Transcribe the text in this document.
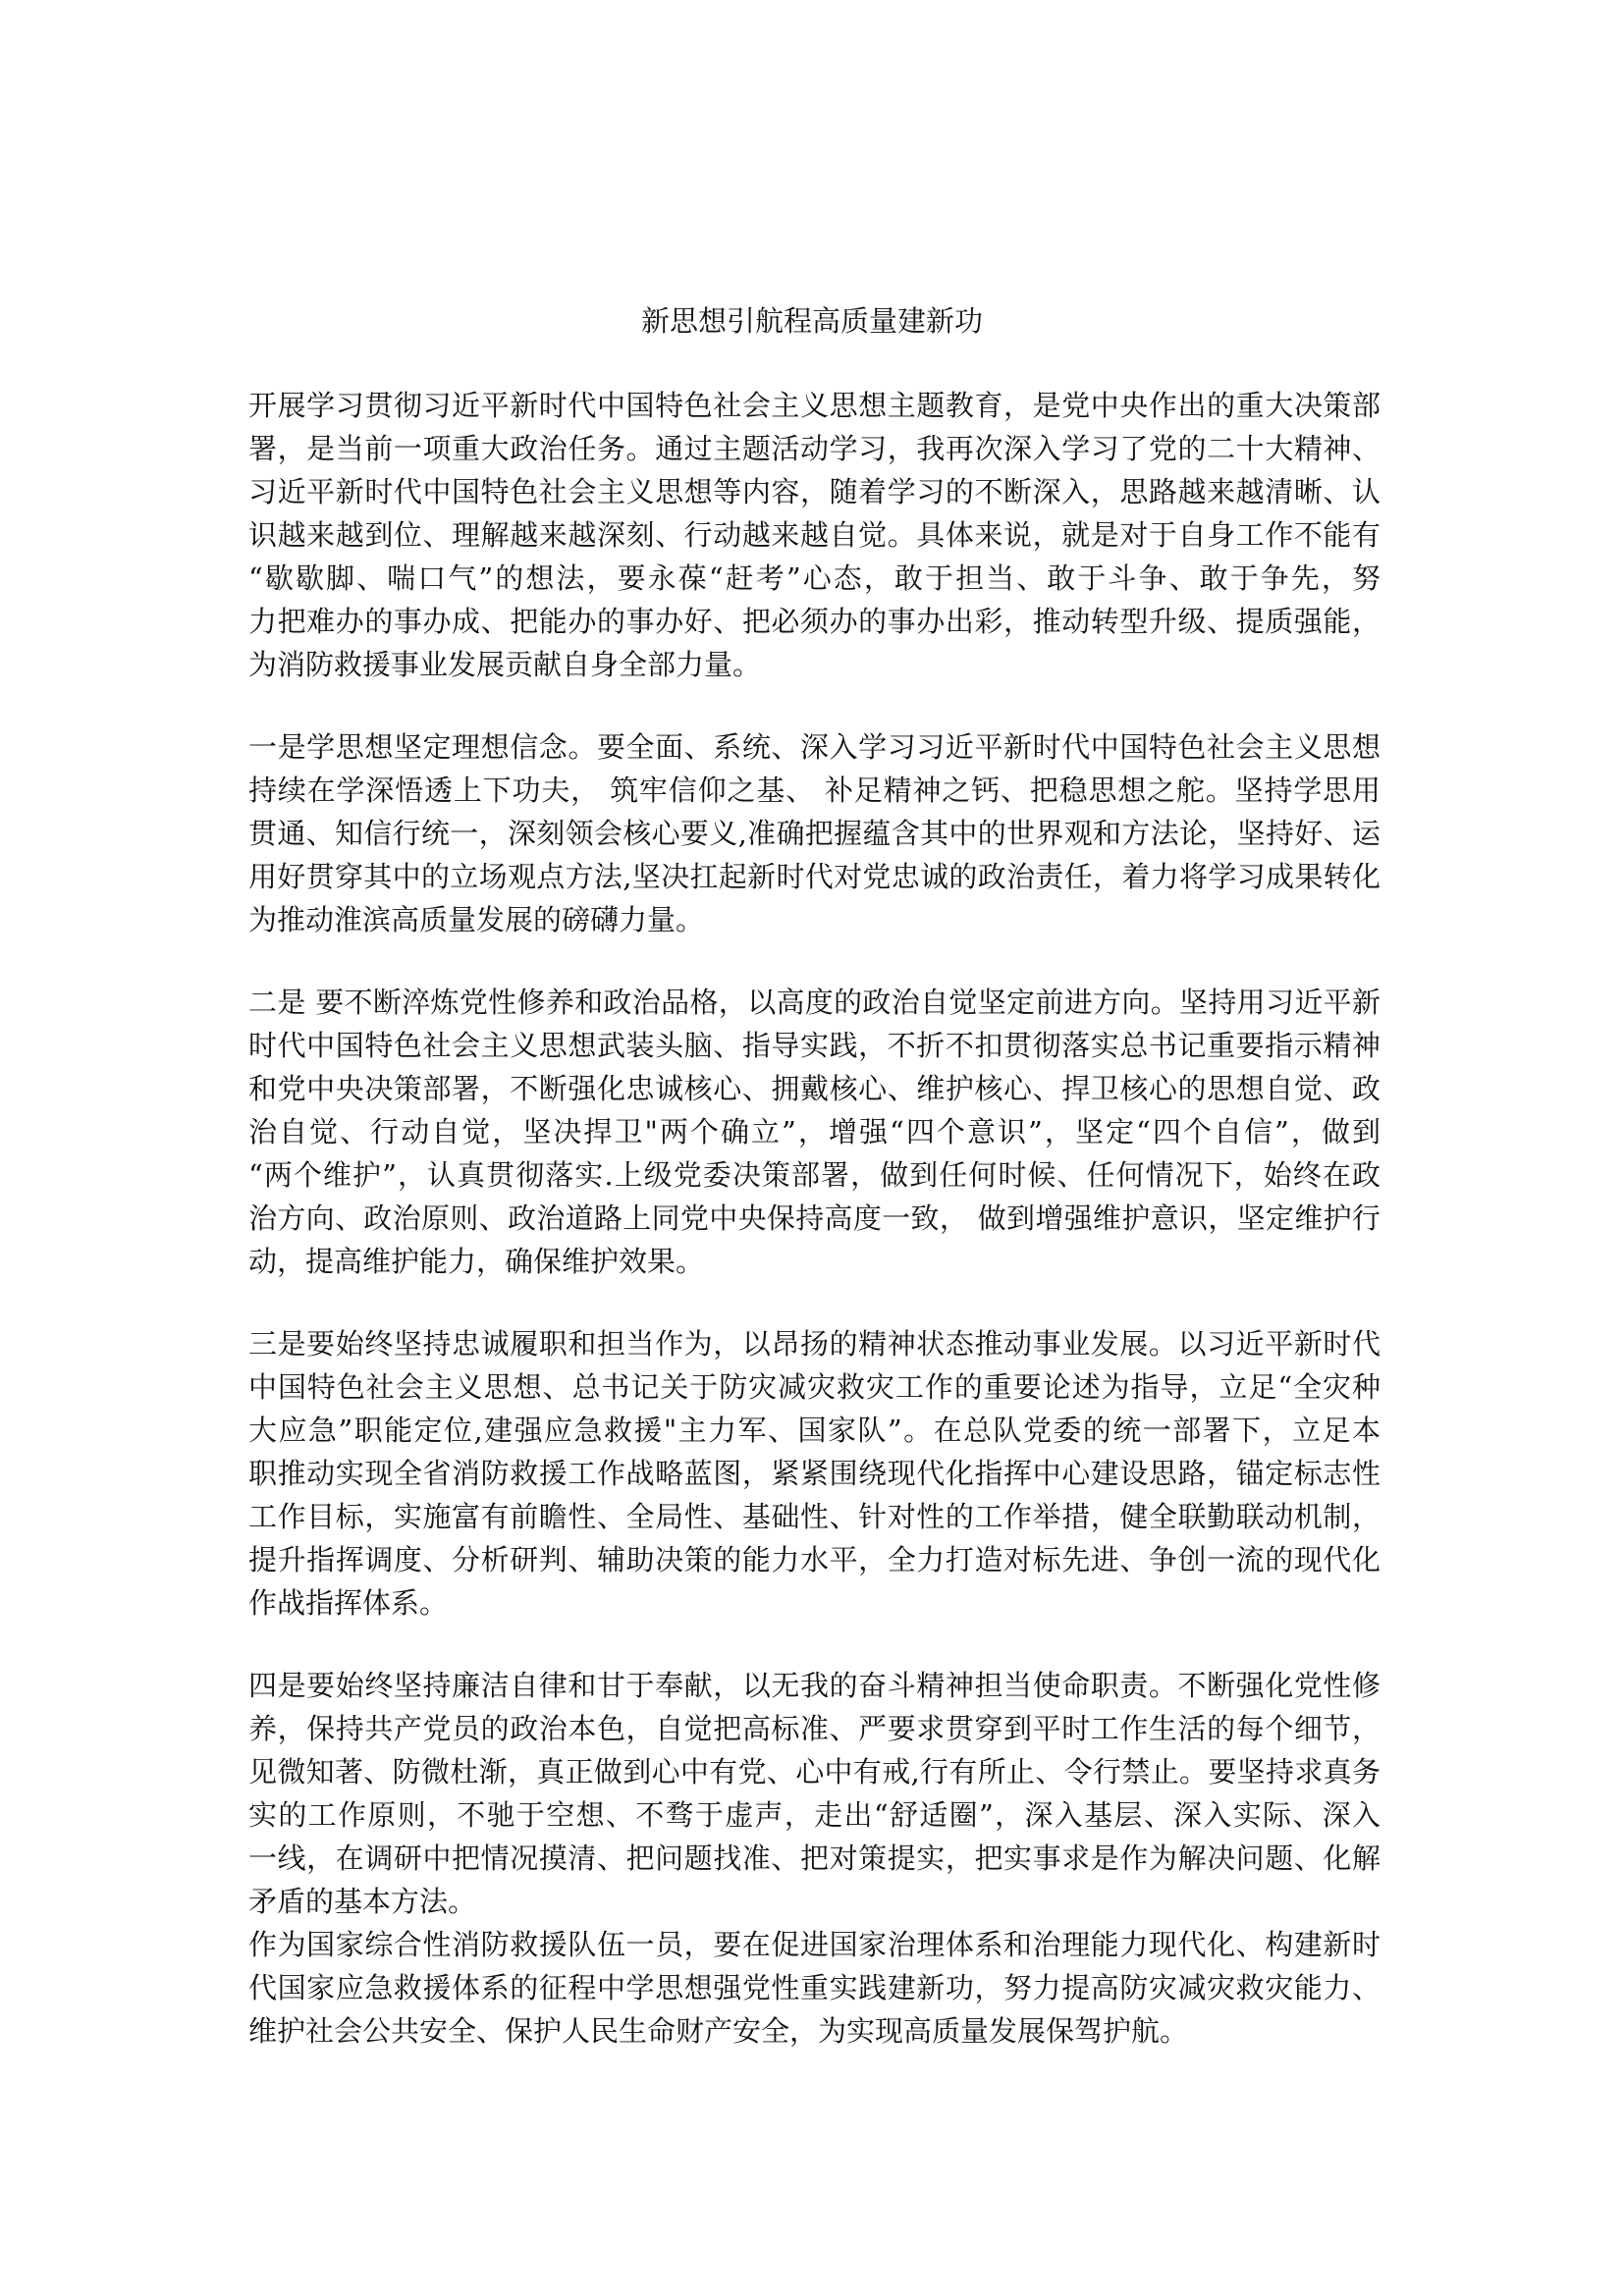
新思想引航程高质量建新功
开展学习贯彻习近平新时代中国特色社会主义思想主题教育，是党中央作出的重大决策部
署，是当前一项重大政治任务。通过主题活动学习，我再次深入学习了党的二十大精神、
习近平新时代中国特色社会主义思想等内容，随着学习的不断深入，思路越来越清晰、认
识越来越到位、理解越来越深刻、行动越来越自觉。具体来说，就是对于自身工作不能有
“歇歇脚、喘口气”的想法，要永葆“赶考”心态，敢于担当、敢于斗争、敢于争先，努
力把难办的事办成、把能办的事办好、把必须办的事办出彩，推动转型升级、提质强能，
为消防救援事业发展贡献自身全部力量。
一是学思想坚定理想信念。要全面、系统、深入学习习近平新时代中国特色社会主义思想
持续在学深悟透上下功夫， 筑牢信仰之基、 补足精神之钙、把稳思想之舵。坚持学思用
贯通、知信行统一，深刻领会核心要义,准确把握蕴含其中的世界观和方法论，坚持好、运
用好贯穿其中的立场观点方法,坚决扛起新时代对党忠诚的政治责任，着力将学习成果转化
为推动淮滨高质量发展的磅礴力量。
二是 要不断淬炼党性修养和政治品格，以高度的政治自觉坚定前进方向。坚持用习近平新
时代中国特色社会主义思想武装头脑、指导实践，不折不扣贯彻落实总书记重要指示精神
和党中央决策部署，不断强化忠诚核心、拥戴核心、维护核心、捍卫核心的思想自觉、政
治自觉、行动自觉，坚决捍卫"两个确立”，增强“四个意识”，坚定“四个自信”，做到
“两个维护”，认真贯彻落实.上级党委决策部署，做到任何时候、任何情况下，始终在政
治方向、政治原则、政治道路上同党中央保持高度一致， 做到增强维护意识，坚定维护行
动，提高维护能力，确保维护效果。
三是要始终坚持忠诚履职和担当作为，以昂扬的精神状态推动事业发展。以习近平新时代
中国特色社会主义思想、总书记关于防灾减灾救灾工作的重要论述为指导，立足“全灾种
大应急”职能定位,建强应急救援"主力军、国家队”。在总队党委的统一部署下，立足本
职推动实现全省消防救援工作战略蓝图，紧紧围绕现代化指挥中心建设思路，锚定标志性
工作目标，实施富有前瞻性、全局性、基础性、针对性的工作举措，健全联勤联动机制，
提升指挥调度、分析研判、辅助决策的能力水平，全力打造对标先进、争创一流的现代化
作战指挥体系。
四是要始终坚持廉洁自律和甘于奉献，以无我的奋斗精神担当使命职责。不断强化党性修
养，保持共产党员的政治本色，自觉把高标准、严要求贯穿到平时工作生活的每个细节，
见微知著、防微杜渐，真正做到心中有党、心中有戒,行有所止、令行禁止。要坚持求真务
实的工作原则，不驰于空想、不骛于虚声，走出“舒适圈”，深入基层、深入实际、深入
一线，在调研中把情况摸清、把问题找准、把对策提实，把实事求是作为解决问题、化解
矛盾的基本方法。
作为国家综合性消防救援队伍一员，要在促进国家治理体系和治理能力现代化、构建新时
代国家应急救援体系的征程中学思想强党性重实践建新功，努力提高防灾减灾救灾能力、
维护社会公共安全、保护人民生命财产安全，为实现高质量发展保驾护航。
